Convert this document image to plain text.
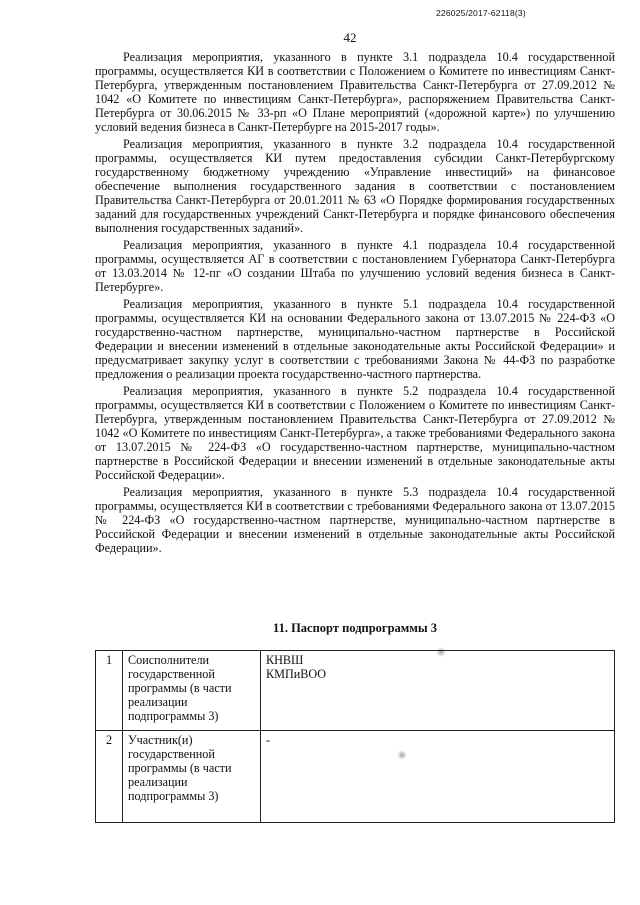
226025/2017-62118(3)
42

Реализация мероприятия, указанного в пункте 3.1 подраздела 10.4 государственной программы, осуществляется КИ в соответствии с Положением о Комитете по инвестициям Санкт-Петербурга, утвержденным постановлением Правительства Санкт-Петербурга от 27.09.2012 № 1042 «О Комитете по инвестициям Санкт-Петербурга», распоряжением Правительства Санкт-Петербурга от 30.06.2015 № 33-рп «О Плане мероприятий («дорожной карте») по улучшению условий ведения бизнеса в Санкт-Петербурге на 2015-2017 годы».

Реализация мероприятия, указанного в пункте 3.2 подраздела 10.4 государственной программы, осуществляется КИ путем предоставления субсидии Санкт-Петербургскому государственному бюджетному учреждению «Управление инвестиций» на финансовое обеспечение выполнения государственного задания в соответствии с постановлением Правительства Санкт-Петербурга от 20.01.2011 № 63 «О Порядке формирования государственных заданий для государственных учреждений Санкт-Петербурга и порядке финансового обеспечения выполнения государственных заданий».

Реализация мероприятия, указанного в пункте 4.1 подраздела 10.4 государственной программы, осуществляется АГ в соответствии с постановлением Губернатора Санкт-Петербурга от 13.03.2014 № 12-пг «О создании Штаба по улучшению условий ведения бизнеса в Санкт-Петербурге».

Реализация мероприятия, указанного в пункте 5.1 подраздела 10.4 государственной программы, осуществляется КИ на основании Федерального закона от 13.07.2015 № 224-ФЗ «О государственно-частном партнерстве, муниципально-частном партнерстве в Российской Федерации и внесении изменений в отдельные законодательные акты Российской Федерации» и предусматривает закупку услуг в соответствии с требованиями Закона № 44-ФЗ по разработке предложения о реализации проекта государственно-частного партнерства.

Реализация мероприятия, указанного в пункте 5.2 подраздела 10.4 государственной программы, осуществляется КИ в соответствии с Положением о Комитете по инвестициям Санкт-Петербурга, утвержденным постановлением Правительства Санкт-Петербурга от 27.09.2012 № 1042 «О Комитете по инвестициям Санкт-Петербурга», а также требованиями Федерального закона от 13.07.2015 № 224-ФЗ «О государственно-частном партнерстве, муниципально-частном партнерстве в Российской Федерации и внесении изменений в отдельные законодательные акты Российской Федерации».

Реализация мероприятия, указанного в пункте 5.3 подраздела 10.4 государственной программы, осуществляется КИ в соответствии с требованиями Федерального закона от 13.07.2015 № 224-ФЗ «О государственно-частном партнерстве, муниципально-частном партнерстве в Российской Федерации и внесении изменений в отдельные законодательные акты Российской Федерации».

11. Паспорт подпрограммы 3
1	Соисполнители государственной программы (в части реализации подпрограммы 3)	КНВШ
КМПиВОО

2	Участник(и) государственной программы (в части реализации подпрограммы 3)	-
